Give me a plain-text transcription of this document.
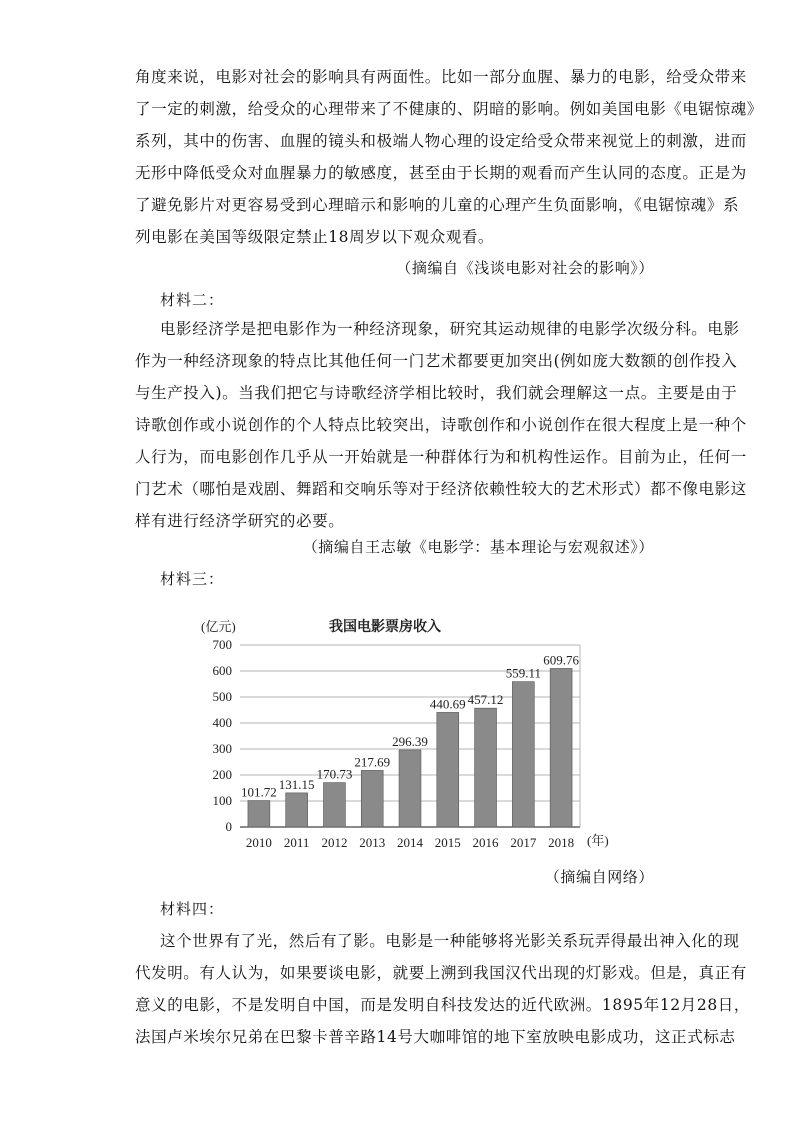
角度来说，电影对社会的影响具有两面性。比如一部分血腥、暴力的电影，给受众带来
了一定的刺激，给受众的心理带来了不健康的、阴暗的影响。例如美国电影《电锯惊魂》
系列，其中的伤害、血腥的镜头和极端人物心理的设定给受众带来视觉上的刺激，进而
无形中降低受众对血腥暴力的敏感度，甚至由于长期的观看而产生认同的态度。正是为
了避免影片对更容易受到心理暗示和影响的儿童的心理产生负面影响，《电锯惊魂》系
列电影在美国等级限定禁止18周岁以下观众观看。
（摘编自《浅谈电影对社会的影响》）
材料二：
电影经济学是把电影作为一种经济现象，研究其运动规律的电影学次级分科。电影
作为一种经济现象的特点比其他任何一门艺术都要更加突出(例如庞大数额的创作投入
与生产投入)。当我们把它与诗歌经济学相比较时，我们就会理解这一点。主要是由于
诗歌创作或小说创作的个人特点比较突出，诗歌创作和小说创作在很大程度上是一种个
人行为，而电影创作几乎从一开始就是一种群体行为和机构性运作。目前为止，任何一
门艺术（哪怕是戏剧、舞蹈和交响乐等对于经济依赖性较大的艺术形式）都不像电影这
样有进行经济学研究的必要。
（摘编自王志敏《电影学：基本理论与宏观叙述》）
材料三：
我国电影票房收入
(亿元)
(年)
101.72
131.15
170.73
217.69
296.39
440.69 457.12
559.11
609.76
0
100
200
300
400
500
600
700
2010 2011 2012 2013 2014 2015 2016 2017 2018
（摘编自网络）
材料四：
这个世界有了光，然后有了影。电影是一种能够将光影关系玩弄得最出神入化的现
代发明。有人认为，如果要谈电影，就要上溯到我国汉代出现的灯影戏。但是，真正有
意义的电影，不是发明自中国，而是发明自科技发达的近代欧洲。1895年12月28日，
法国卢米埃尔兄弟在巴黎卡普辛路14号大咖啡馆的地下室放映电影成功，这正式标志
